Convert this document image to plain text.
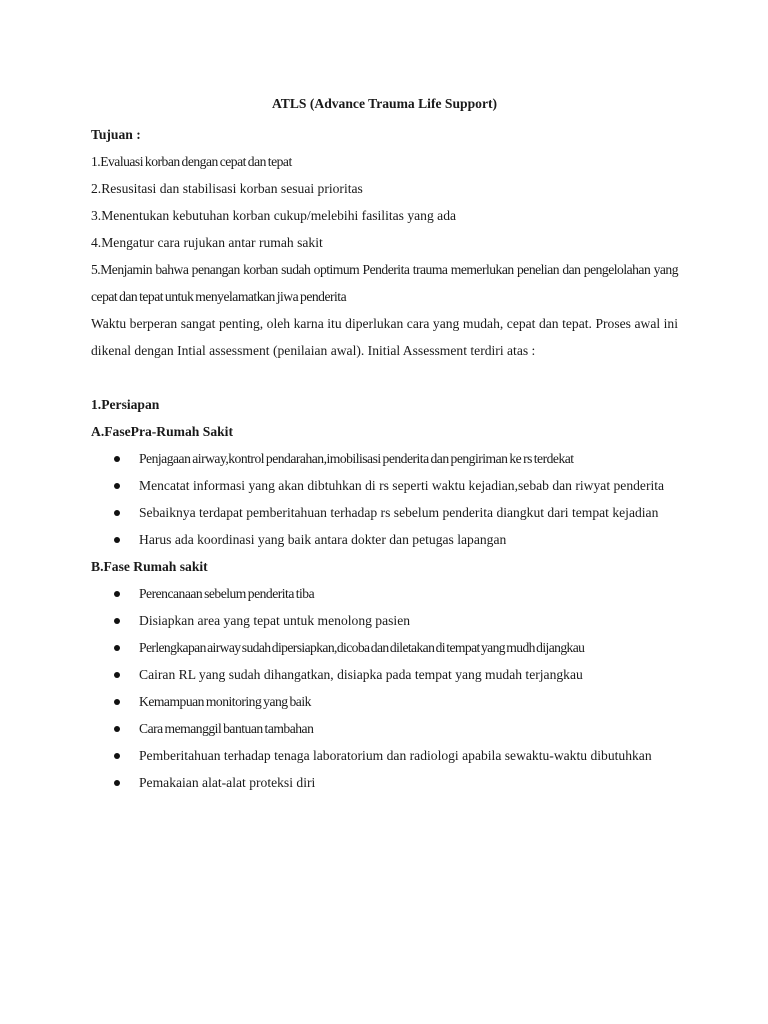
ATLS (Advance Trauma Life Support)
Tujuan :
1.Evaluasi korban dengan cepat dan tepat
2.Resusitasi dan stabilisasi korban sesuai prioritas
3.Menentukan kebutuhan korban cukup/melebihi fasilitas yang ada
4.Mengatur cara rujukan antar rumah sakit
5.Menjamin bahwa penangan korban sudah optimum Penderita trauma memerlukan penelian dan pengelolahan yang cepat dan tepat untuk menyelamatkan jiwa penderita
Waktu berperan sangat penting, oleh karna itu diperlukan cara yang mudah, cepat dan tepat. Proses awal ini dikenal dengan Intial assessment (penilaian awal). Initial Assessment terdiri atas :
1.Persiapan
A.FasePra-Rumah Sakit
Penjagaan airway,kontrol pendarahan,imobilisasi penderita dan pengiriman ke rs terdekat
Mencatat informasi yang akan dibtuhkan di rs seperti waktu kejadian,sebab dan riwyat penderita
Sebaiknya terdapat pemberitahuan terhadap rs sebelum penderita diangkut dari tempat kejadian
Harus ada koordinasi yang baik antara dokter dan petugas lapangan
B.Fase Rumah sakit
Perencanaan sebelum penderita tiba
Disiapkan area yang tepat untuk menolong pasien
Perlengkapan airway sudah dipersiapkan,dicoba dan diletakan di tempat yang mudh dijangkau
Cairan RL yang sudah dihangatkan, disiapka pada tempat yang mudah terjangkau
Kemampuan monitoring yang baik
Cara memanggil bantuan tambahan
Pemberitahuan terhadap tenaga laboratorium dan radiologi apabila sewaktu-waktu dibutuhkan
Pemakaian alat-alat proteksi diri
